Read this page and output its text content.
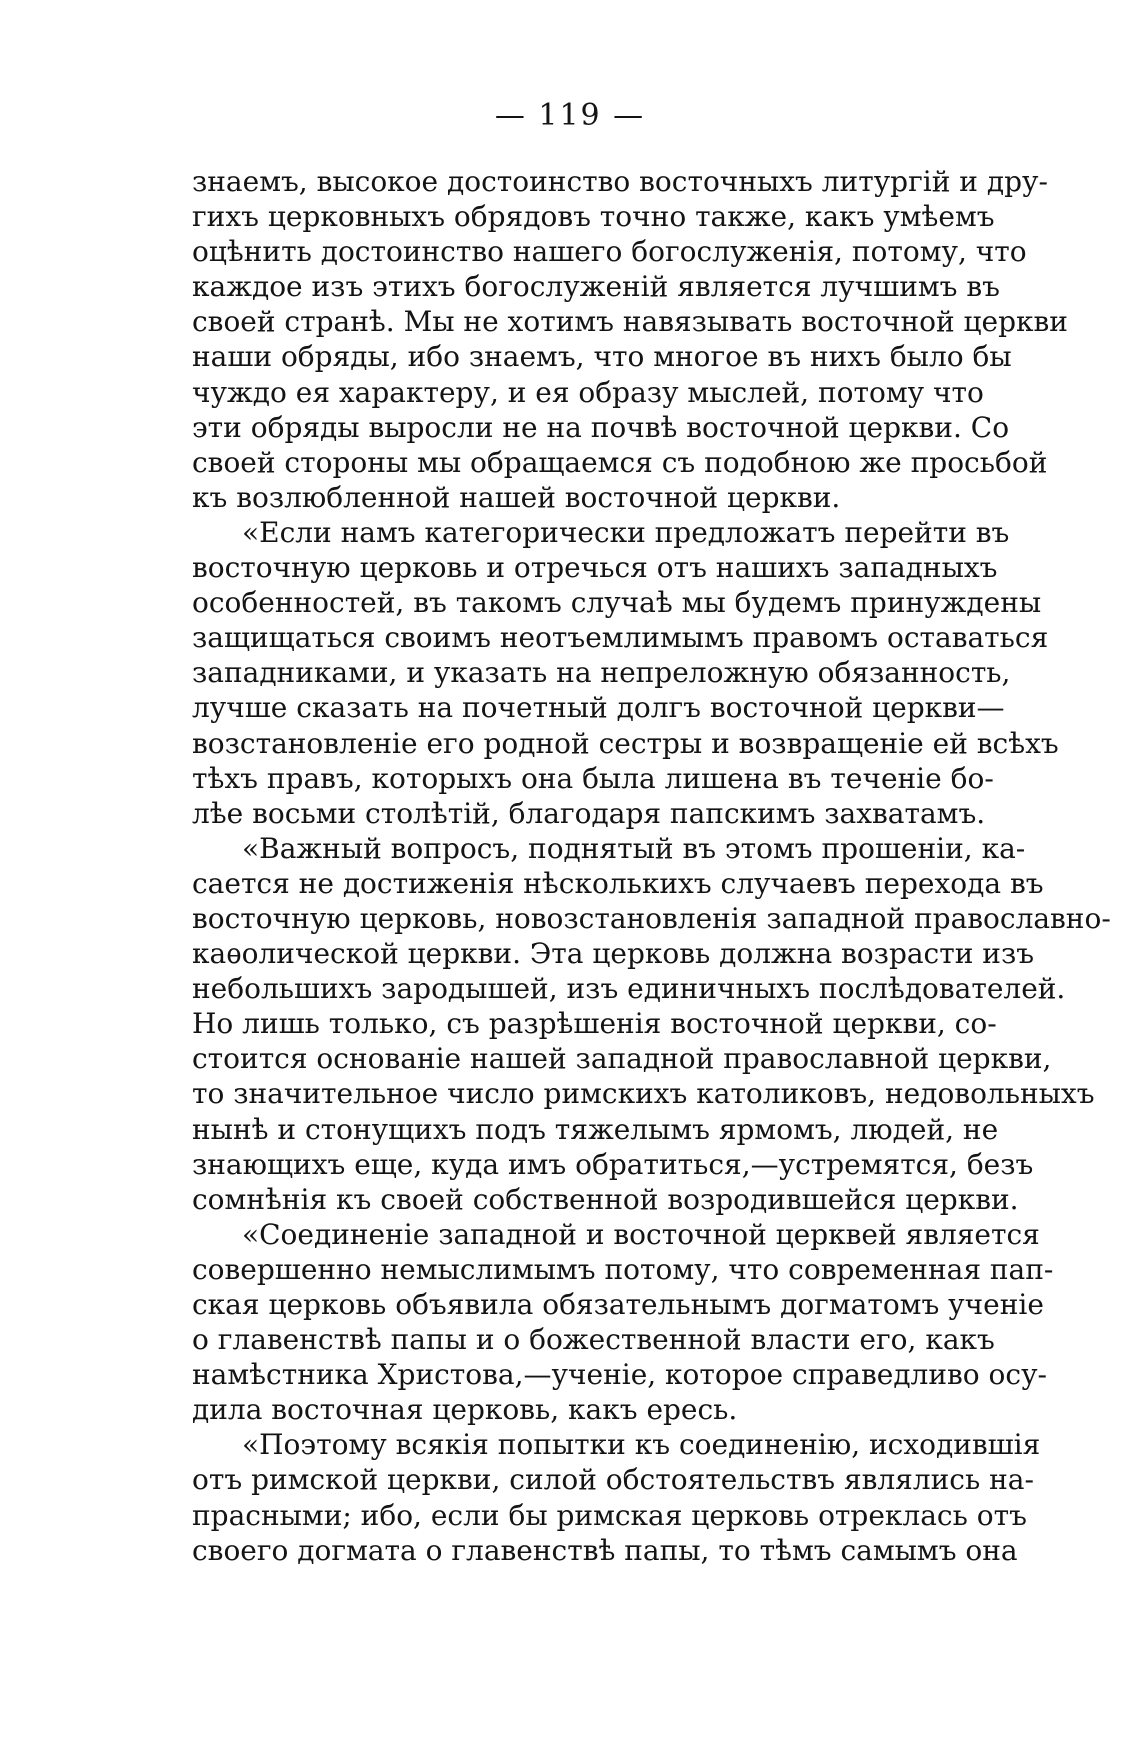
— 119 —
знаемъ, высокое достоинство восточныхъ литургій и дру-
гихъ церковныхъ обрядовъ точно также, какъ умѣемъ
оцѣнить достоинство нашего богослуженія, потому, что
каждое изъ этихъ богослуженій является лучшимъ въ
своей странѣ. Мы не хотимъ навязывать восточной церкви
наши обряды, ибо знаемъ, что многое въ нихъ было бы
чуждо ея характеру, и ея образу мыслей, потому что
эти обряды выросли не на почвѣ восточной церкви. Со
своей стороны мы обращаемся съ подобною же просьбой
къ возлюбленной нашей восточной церкви.
«Если намъ категорически предложатъ перейти въ
восточную церковь и отречься отъ нашихъ западныхъ
особенностей, въ такомъ случаѣ мы будемъ принуждены
защищаться своимъ неотъемлимымъ правомъ оставаться
западниками, и указать на непреложную обязанность,
лучше сказать на почетный долгъ восточной церкви—
возстановленіе его родной сестры и возвращеніе ей всѣхъ
тѣхъ правъ, которыхъ она была лишена въ теченіе бо-
лѣе восьми столѣтій, благодаря папскимъ захватамъ.
«Важный вопросъ, поднятый въ этомъ прошеніи, ка-
сается не достиженія нѣсколькихъ случаевъ перехода въ
восточную церковь, новозстановленія западной православно-
каѳолической церкви. Эта церковь должна возрасти изъ
небольшихъ зародышей, изъ единичныхъ послѣдователей.
Но лишь только, съ разрѣшенія восточной церкви, со-
стоится основаніе нашей западной православной церкви,
то значительное число римскихъ католиковъ, недовольныхъ
нынѣ и стонущихъ подъ тяжелымъ ярмомъ, людей, не
знающихъ еще, куда имъ обратиться,—устремятся, безъ
сомнѣнія къ своей собственной возродившейся церкви.
«Соединеніе западной и восточной церквей является
совершенно немыслимымъ потому, что современная пап-
ская церковь объявила обязательнымъ догматомъ ученіе
о главенствѣ папы и о божественной власти его, какъ
намѣстника Христова,—ученіе, которое справедливо осу-
дила восточная церковь, какъ ересь.
«Поэтому всякія попытки къ соединенію, исходившія
отъ римской церкви, силой обстоятельствъ являлись на-
прасными; ибо, если бы римская церковь отреклась отъ
своего догмата о главенствѣ папы, то тѣмъ самымъ она
